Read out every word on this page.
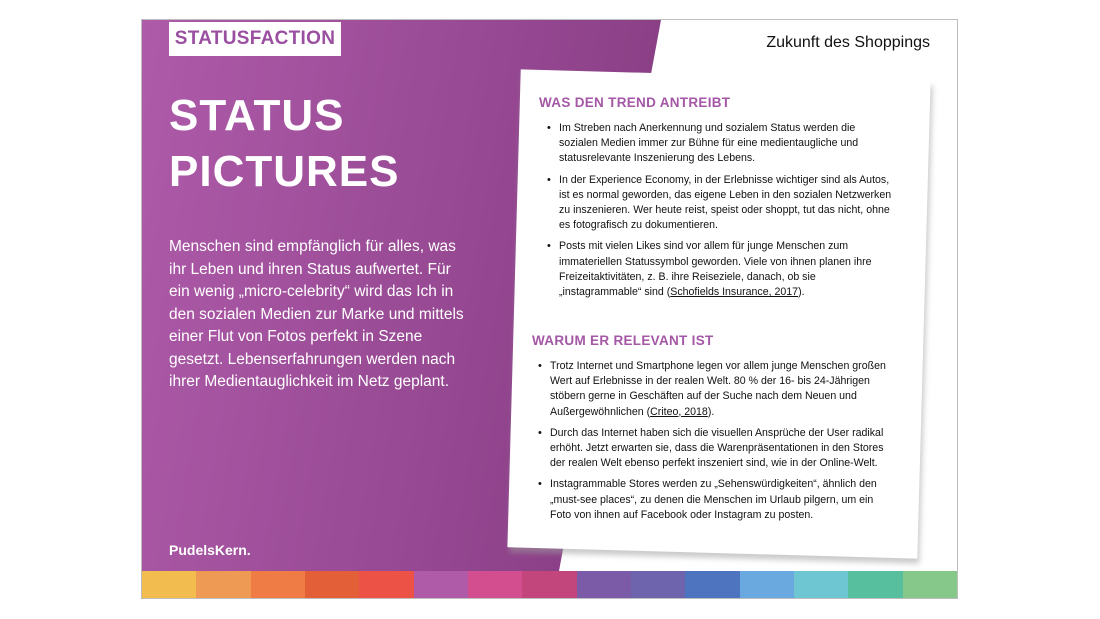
STATUSFACTION	Zukunft des Shoppings
STATUS
PICTURES
Menschen sind empfänglich für alles, was ihr Leben und ihren Status aufwertet. Für ein wenig „micro-celebrity“ wird das Ich in den sozialen Medien zur Marke und mittels einer Flut von Fotos perfekt in Szene gesetzt. Lebenserfahrungen werden nach ihrer Medientauglichkeit im Netz geplant.
PudelsKern.
WAS DEN TREND ANTREIBT
• Im Streben nach Anerkennung und sozialem Status werden die sozialen Medien immer zur Bühne für eine medientaugliche und statusrelevante Inszenierung des Lebens.
• In der Experience Economy, in der Erlebnisse wichtiger sind als Autos, ist es normal geworden, das eigene Leben in den sozialen Netzwerken zu inszenieren. Wer heute reist, speist oder shoppt, tut das nicht, ohne es fotografisch zu dokumentieren.
• Posts mit vielen Likes sind vor allem für junge Menschen zum immateriellen Statussymbol geworden. Viele von ihnen planen ihre Freizeitaktivitäten, z. B. ihre Reiseziele, danach, ob sie „instagrammable“ sind (Schofields Insurance, 2017).
WARUM ER RELEVANT IST
• Trotz Internet und Smartphone legen vor allem junge Menschen großen Wert auf Erlebnisse in der realen Welt. 80 % der 16- bis 24-Jährigen stöbern gerne in Geschäften auf der Suche nach dem Neuen und Außergewöhnlichen (Criteo, 2018).
• Durch das Internet haben sich die visuellen Ansprüche der User radikal erhöht. Jetzt erwarten sie, dass die Warenpräsentationen in den Stores der realen Welt ebenso perfekt inszeniert sind, wie in der Online-Welt.
• Instagrammable Stores werden zu „Sehenswürdigkeiten“, ähnlich den „must-see places“, zu denen die Menschen im Urlaub pilgern, um ein Foto von ihnen auf Facebook oder Instagram zu posten.
